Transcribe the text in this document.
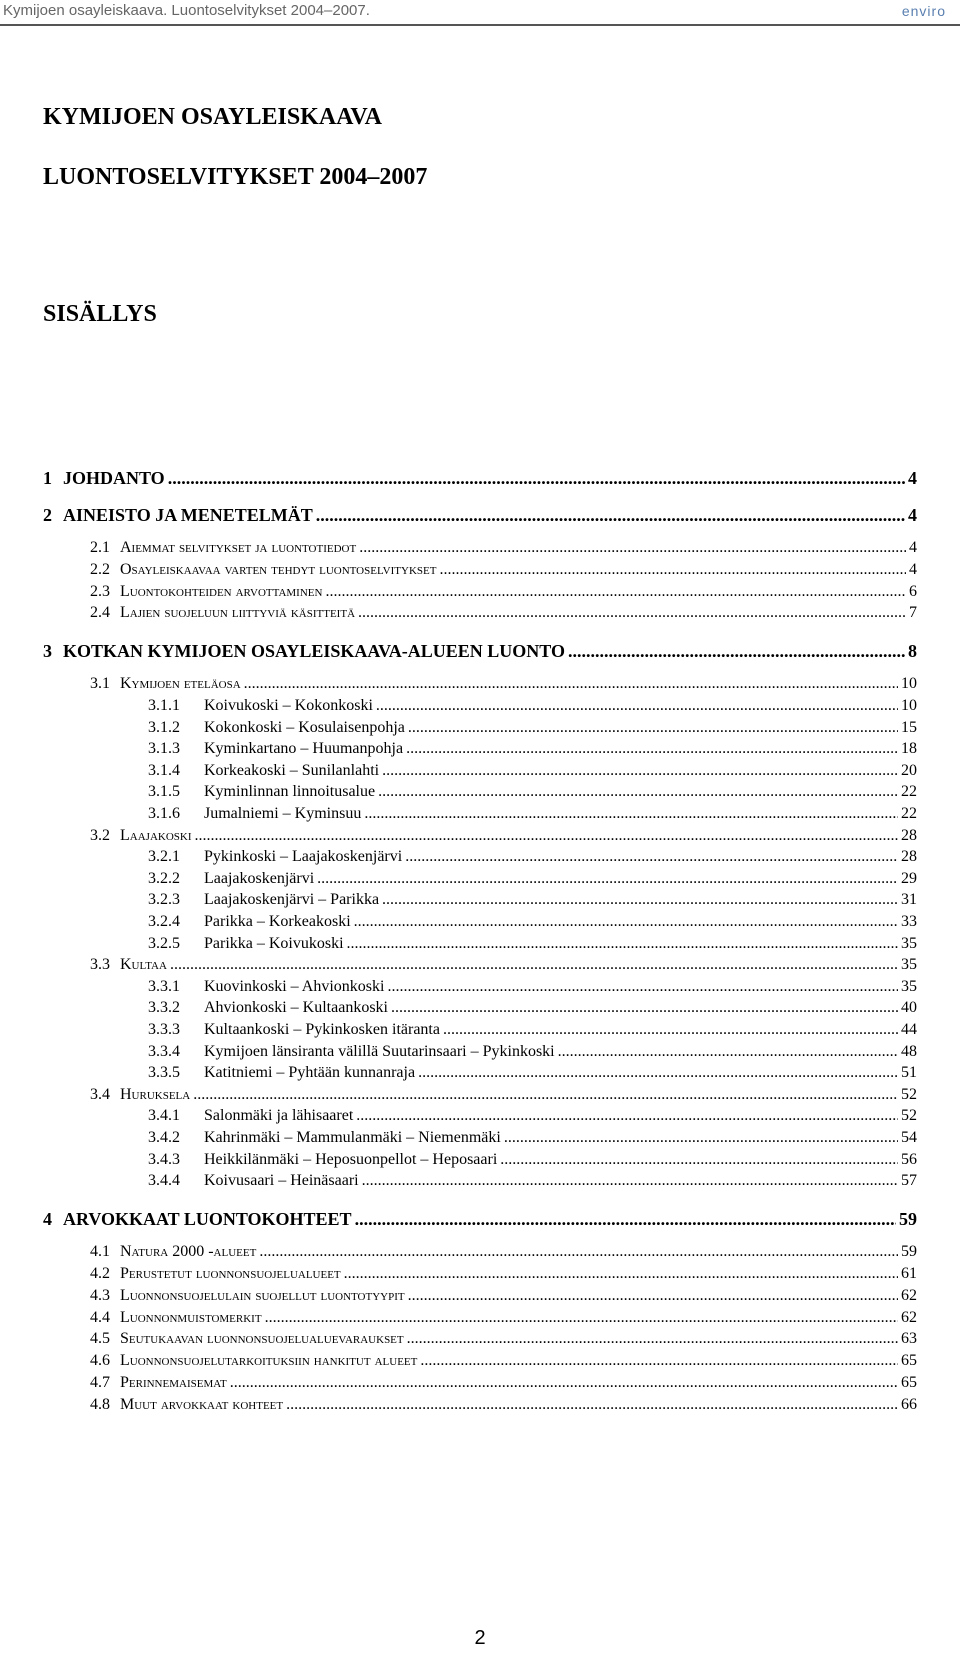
Kymijoen osayleiskaava. Luontoselvitykset 2004–2007.	enviro
KYMIJOEN OSAYLEISKAAVA
LUONTOSELVITYKSET 2004–2007
SISÄLLYS
1 JOHDANTO .....	4
2 AINEISTO JA MENETELMÄT .....	4
2.1 Aiemmat selvitykset ja luontotiedot .....	4
2.2 Osayleiskaavaa varten tehdyt luontoselvitykset .....	4
2.3 Luontokohteiden arvottaminen .....	6
2.4 Lajien suojeluun liittyviä käsitteitä .....	7
3 KOTKAN KYMIJOEN OSAYLEISKAAVA-ALUEEN LUONTO .....	8
3.1 Kymijoen eteläosa .....	10
3.1.1	Koivukoski – Kokonkoski .....	10
3.1.2	Kokonkoski – Kosulaisenpohja .....	15
3.1.3	Kyminkartano – Huumanpohja .....	18
3.1.4	Korkeakoski – Sunilanlahti .....	20
3.1.5	Kyminlinnan linnoitusalue .....	22
3.1.6	Jumalniemi – Kyminsuu .....	22
3.2 Laajakoski .....	28
3.2.1	Pykinkoski – Laajakoskenjärvi .....	28
3.2.2	Laajakoskenjärvi .....	29
3.2.3	Laajakoskenjärvi – Parikka .....	31
3.2.4	Parikka – Korkeakoski .....	33
3.2.5	Parikka – Koivukoski .....	35
3.3 Kultaa .....	35
3.3.1	Kuovinkoski – Ahvionkoski .....	35
3.3.2	Ahvionkoski – Kultaankoski .....	40
3.3.3	Kultaankoski – Pykinkosken itäranta .....	44
3.3.4	Kymijoen länsiranta välillä Suutarinsaari – Pykinkoski .....	48
3.3.5	Katitniemi – Pyhtään kunnanraja .....	51
3.4 Huruksela .....	52
3.4.1	Salonmäki ja lähisaaret .....	52
3.4.2	Kahrinmäki – Mammulanmäki – Niemenmäki .....	54
3.4.3	Heikkilänmäki – Heposuonpellot – Heposaari .....	56
3.4.4	Koivusaari – Heinäsaari .....	57
4 ARVOKKAAT LUONTOKOHTEET .....	59
4.1 Natura 2000 -alueet .....	59
4.2 Perustetut luonnonsuojelualueet .....	61
4.3 Luonnonsuojelulain suojellut luontotyypit .....	62
4.4 Luonnonmuistomerkit .....	62
4.5 Seutukaavan luonnonsuojelualuevaraukset .....	63
4.6 Luonnonsuojelutarkoituksiin hankitut alueet .....	65
4.7 Perinnemaisemat .....	65
4.8 Muut arvokkaat kohteet .....	66
2
